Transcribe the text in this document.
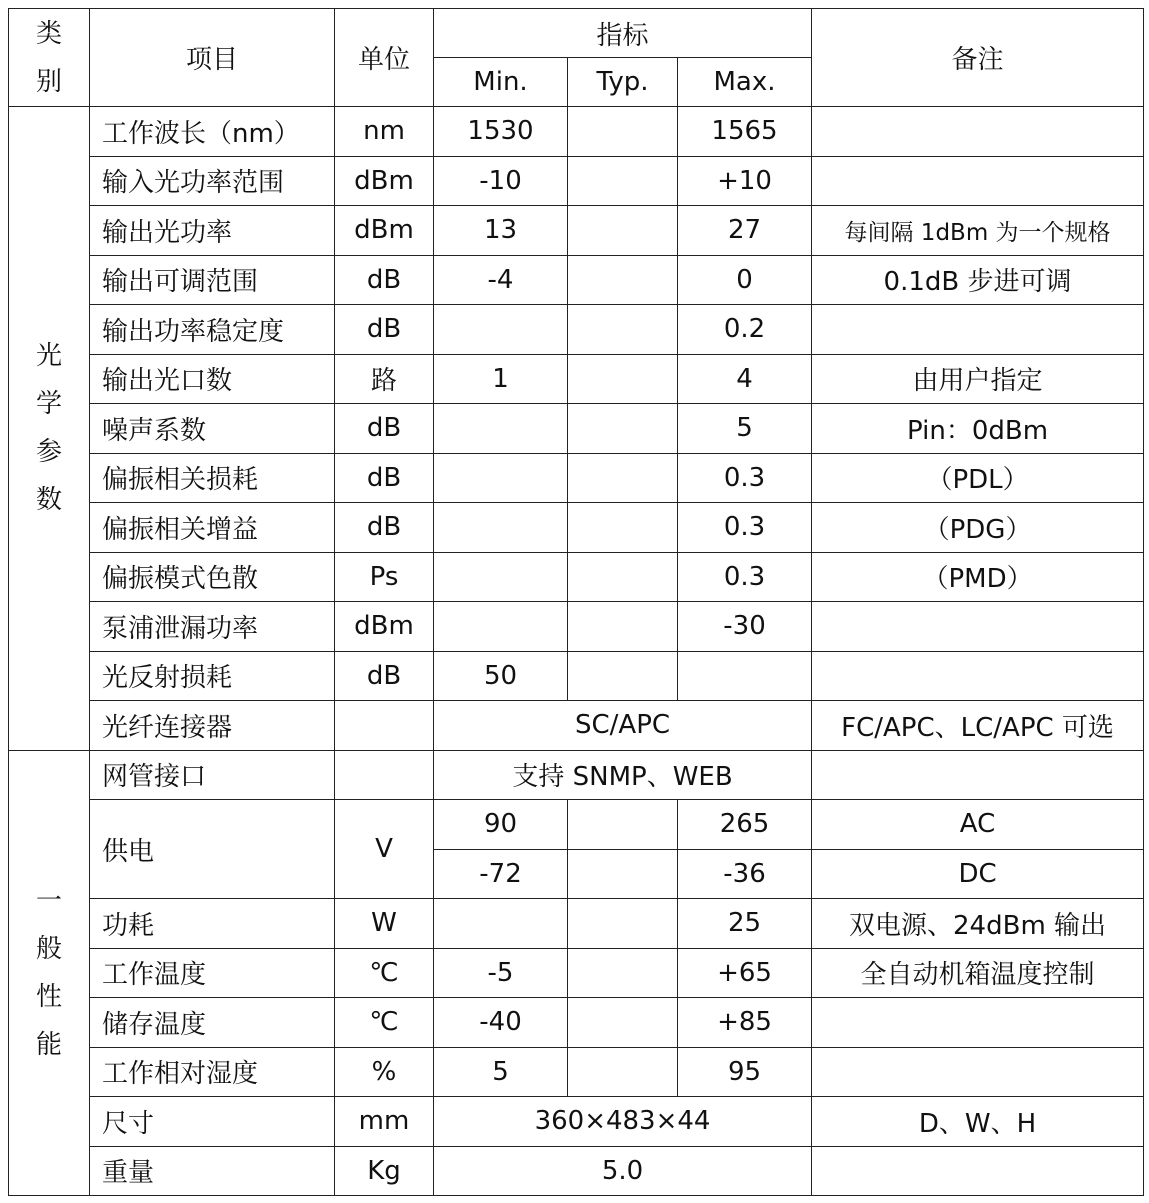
类
别	项目	单位	指标			备注
			Min.	Typ.	Max.	

光
学
参
数	工作波长（nm）	nm	1530		1565	
	输入光功率范围	dBm	-10		+10	
	输出光功率	dBm	13		27	每间隔 1dBm 为一个规格
	输出可调范围	dB	-4		0	0.1dB 步进可调
	输出功率稳定度	dB			0.2	
	输出光口数	路	1		4	由用户指定
	噪声系数	dB			5	Pin：0dBm
	偏振相关损耗	dB			0.3	（PDL）
	偏振相关增益	dB			0.3	（PDG）
	偏振模式色散	Ps			0.3	（PMD）
	泵浦泄漏功率	dBm			-30	
	光反射损耗	dB	50			
	光纤连接器		SC/APC			FC/APC、LC/APC 可选

一
般
性
能	网管接口		支持 SNMP、WEB			
	供电	V	90		265	AC
			-72		-36	DC
	功耗	W			25	双电源、24dBm 输出
	工作温度	℃	-5		+65	全自动机箱温度控制
	储存温度	℃	-40		+85	
	工作相对湿度	%	5		95	
	尺寸	mm	360×483×44			D、W、H
	重量	Kg	5.0			
